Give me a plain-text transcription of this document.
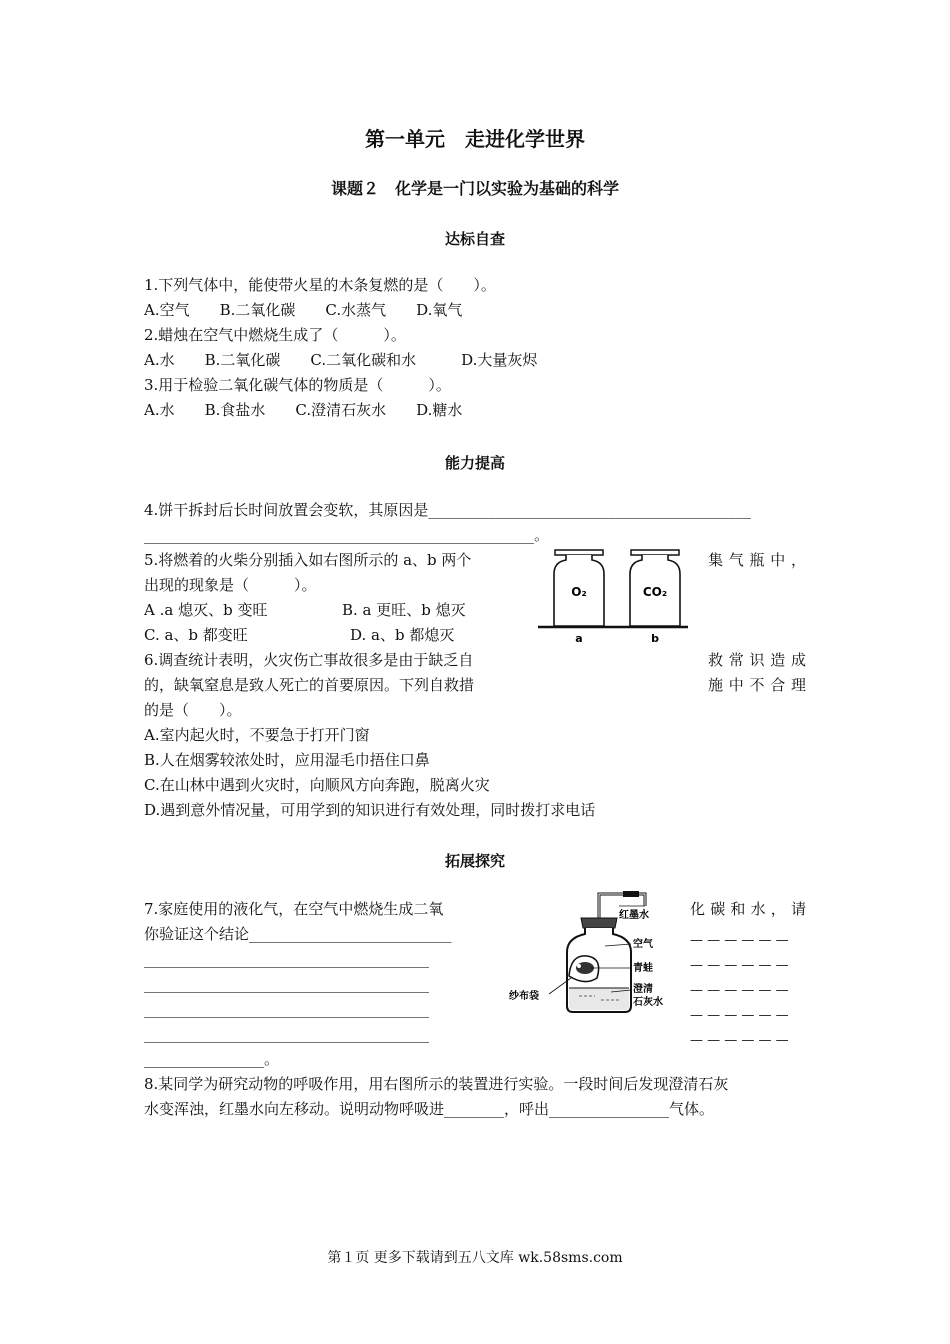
第一单元　走进化学世界
课题２　化学是一门以实验为基础的科学
达标自查
1.下列气体中，能使带火星的木条复燃的是（　　）。
A.空气　　B.二氧化碳　　C.水蒸气　　D.氧气
2.蜡烛在空气中燃烧生成了（　　　）。
A.水　　B.二氧化碳　　C.二氧化碳和水　　　D.大量灰烬
3.用于检验二氧化碳气体的物质是（　　　）。
A.水　　B.食盐水　　C.澄清石灰水　　D.糖水
能力提高
4.饼干拆封后长时间放置会变软，其原因是___________________________________________
____________________________________________________。
5.将燃着的火柴分别插入如右图所示的 a、b 两个	集气瓶中，
出现的现象是（　　　）。
A .a 熄灭、b 变旺	B. a 更旺、b 熄灭
C. a、b 都变旺	D. a、b 都熄灭
O₂	CO₂
a	b
6.调查统计表明，火灾伤亡事故很多是由于缺乏自	救常识造成
的，缺氧窒息是致人死亡的首要原因。下列自救措	施中不合理
的是（　　）。
A.室内起火时，不要急于打开门窗
B.人在烟雾较浓处时，应用湿毛巾捂住口鼻
C.在山林中遇到火灾时，向顺风方向奔跑，脱离火灾
D.遇到意外情况量，可用学到的知识进行有效处理，同时拨打求电话
拓展探究
7.家庭使用的液化气，在空气中燃烧生成二氧	化碳和水，请
你验证这个结论___________________________
______________________________________
______________________________________
______________________________________
______________________________________
— — — — — —
— — — — — —
— — — — — —
— — — — — —
— — — — — —
________________。
红墨水
空气
青蛙
澄清
石灰水
纱布袋
8.某同学为研究动物的呼吸作用，用右图所示的装置进行实验。一段时间后发现澄清石灰
水变浑浊，红墨水向左移动。说明动物呼吸进________，呼出________________气体。
第１页 更多下载请到五八文库 wk.58sms.com
